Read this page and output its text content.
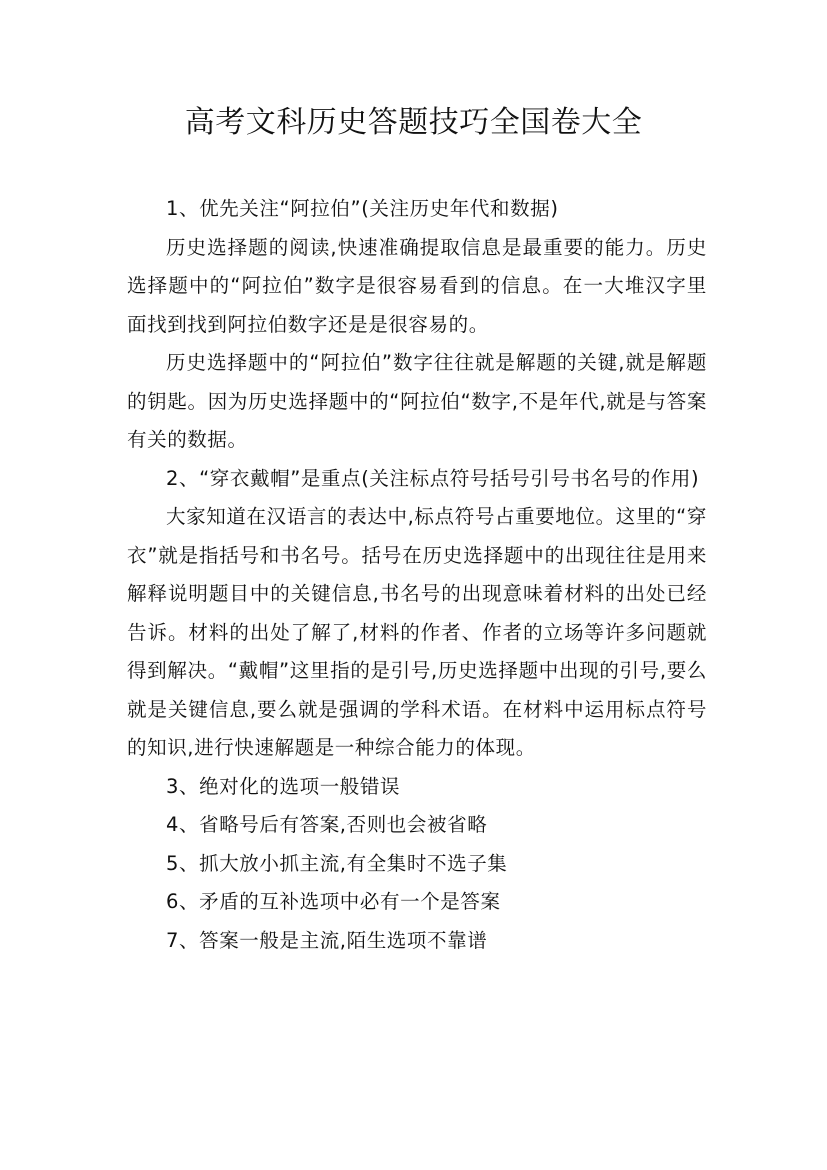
高考文科历史答题技巧全国卷大全

1、优先关注“阿拉伯”(关注历史年代和数据)

历史选择题的阅读,快速准确提取信息是最重要的能力。历史选择题中的“阿拉伯”数字是很容易看到的信息。在一大堆汉字里面找到找到阿拉伯数字还是是很容易的。

历史选择题中的“阿拉伯”数字往往就是解题的关键,就是解题的钥匙。因为历史选择题中的“阿拉伯“数字,不是年代,就是与答案有关的数据。

2、“穿衣戴帽”是重点(关注标点符号括号引号书名号的作用)

大家知道在汉语言的表达中,标点符号占重要地位。这里的“穿衣”就是指括号和书名号。括号在历史选择题中的出现往往是用来解释说明题目中的关键信息,书名号的出现意味着材料的出处已经告诉。材料的出处了解了,材料的作者、作者的立场等许多问题就得到解决。“戴帽”这里指的是引号,历史选择题中出现的引号,要么就是关键信息,要么就是强调的学科术语。在材料中运用标点符号的知识,进行快速解题是一种综合能力的体现。

3、绝对化的选项一般错误

4、省略号后有答案,否则也会被省略

5、抓大放小抓主流,有全集时不选子集

6、矛盾的互补选项中必有一个是答案

7、答案一般是主流,陌生选项不靠谱
